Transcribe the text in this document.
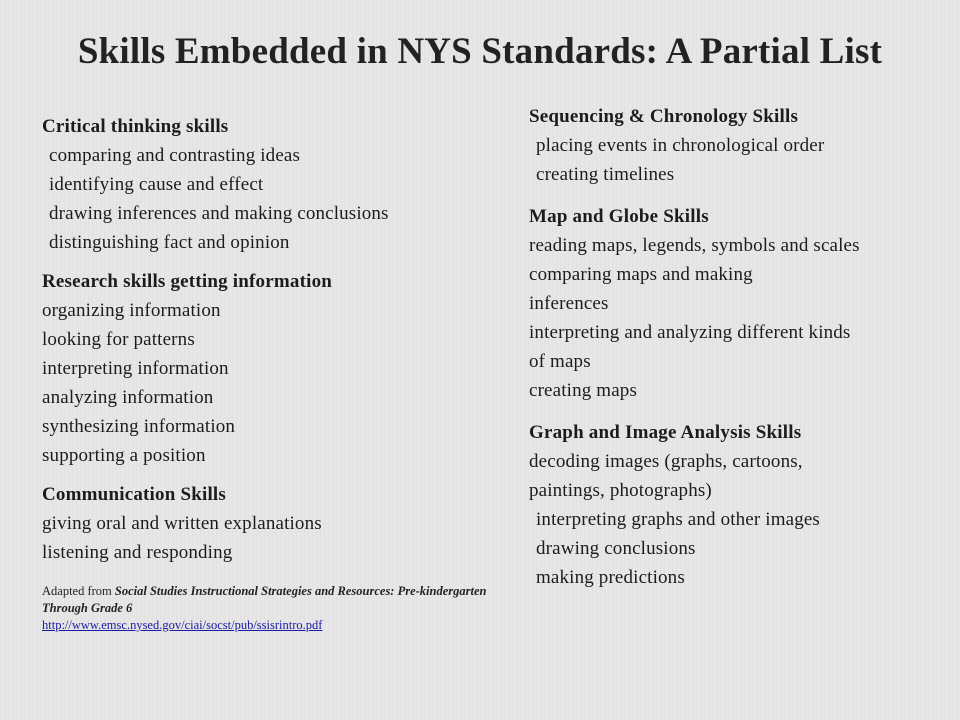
Skills Embedded in NYS Standards: A Partial List
Critical thinking skills
comparing and contrasting ideas
identifying cause and effect
drawing inferences and making conclusions
distinguishing fact and opinion
Research skills getting information
organizing information
looking for patterns
interpreting information
analyzing information
synthesizing information
supporting a position
Communication Skills
giving oral and written explanations
listening and responding
Adapted from Social Studies Instructional Strategies and Resources: Pre-kindergarten Through Grade 6
http://www.emsc.nysed.gov/ciai/socst/pub/ssisrintro.pdf
Sequencing & Chronology Skills
placing events in chronological order
creating timelines
Map and Globe Skills
reading maps, legends, symbols and scales
comparing maps and making inferences
interpreting and analyzing different kinds of maps
creating maps
Graph and Image Analysis Skills
decoding images (graphs, cartoons, paintings, photographs)
interpreting graphs and other images
drawing conclusions
making predictions
